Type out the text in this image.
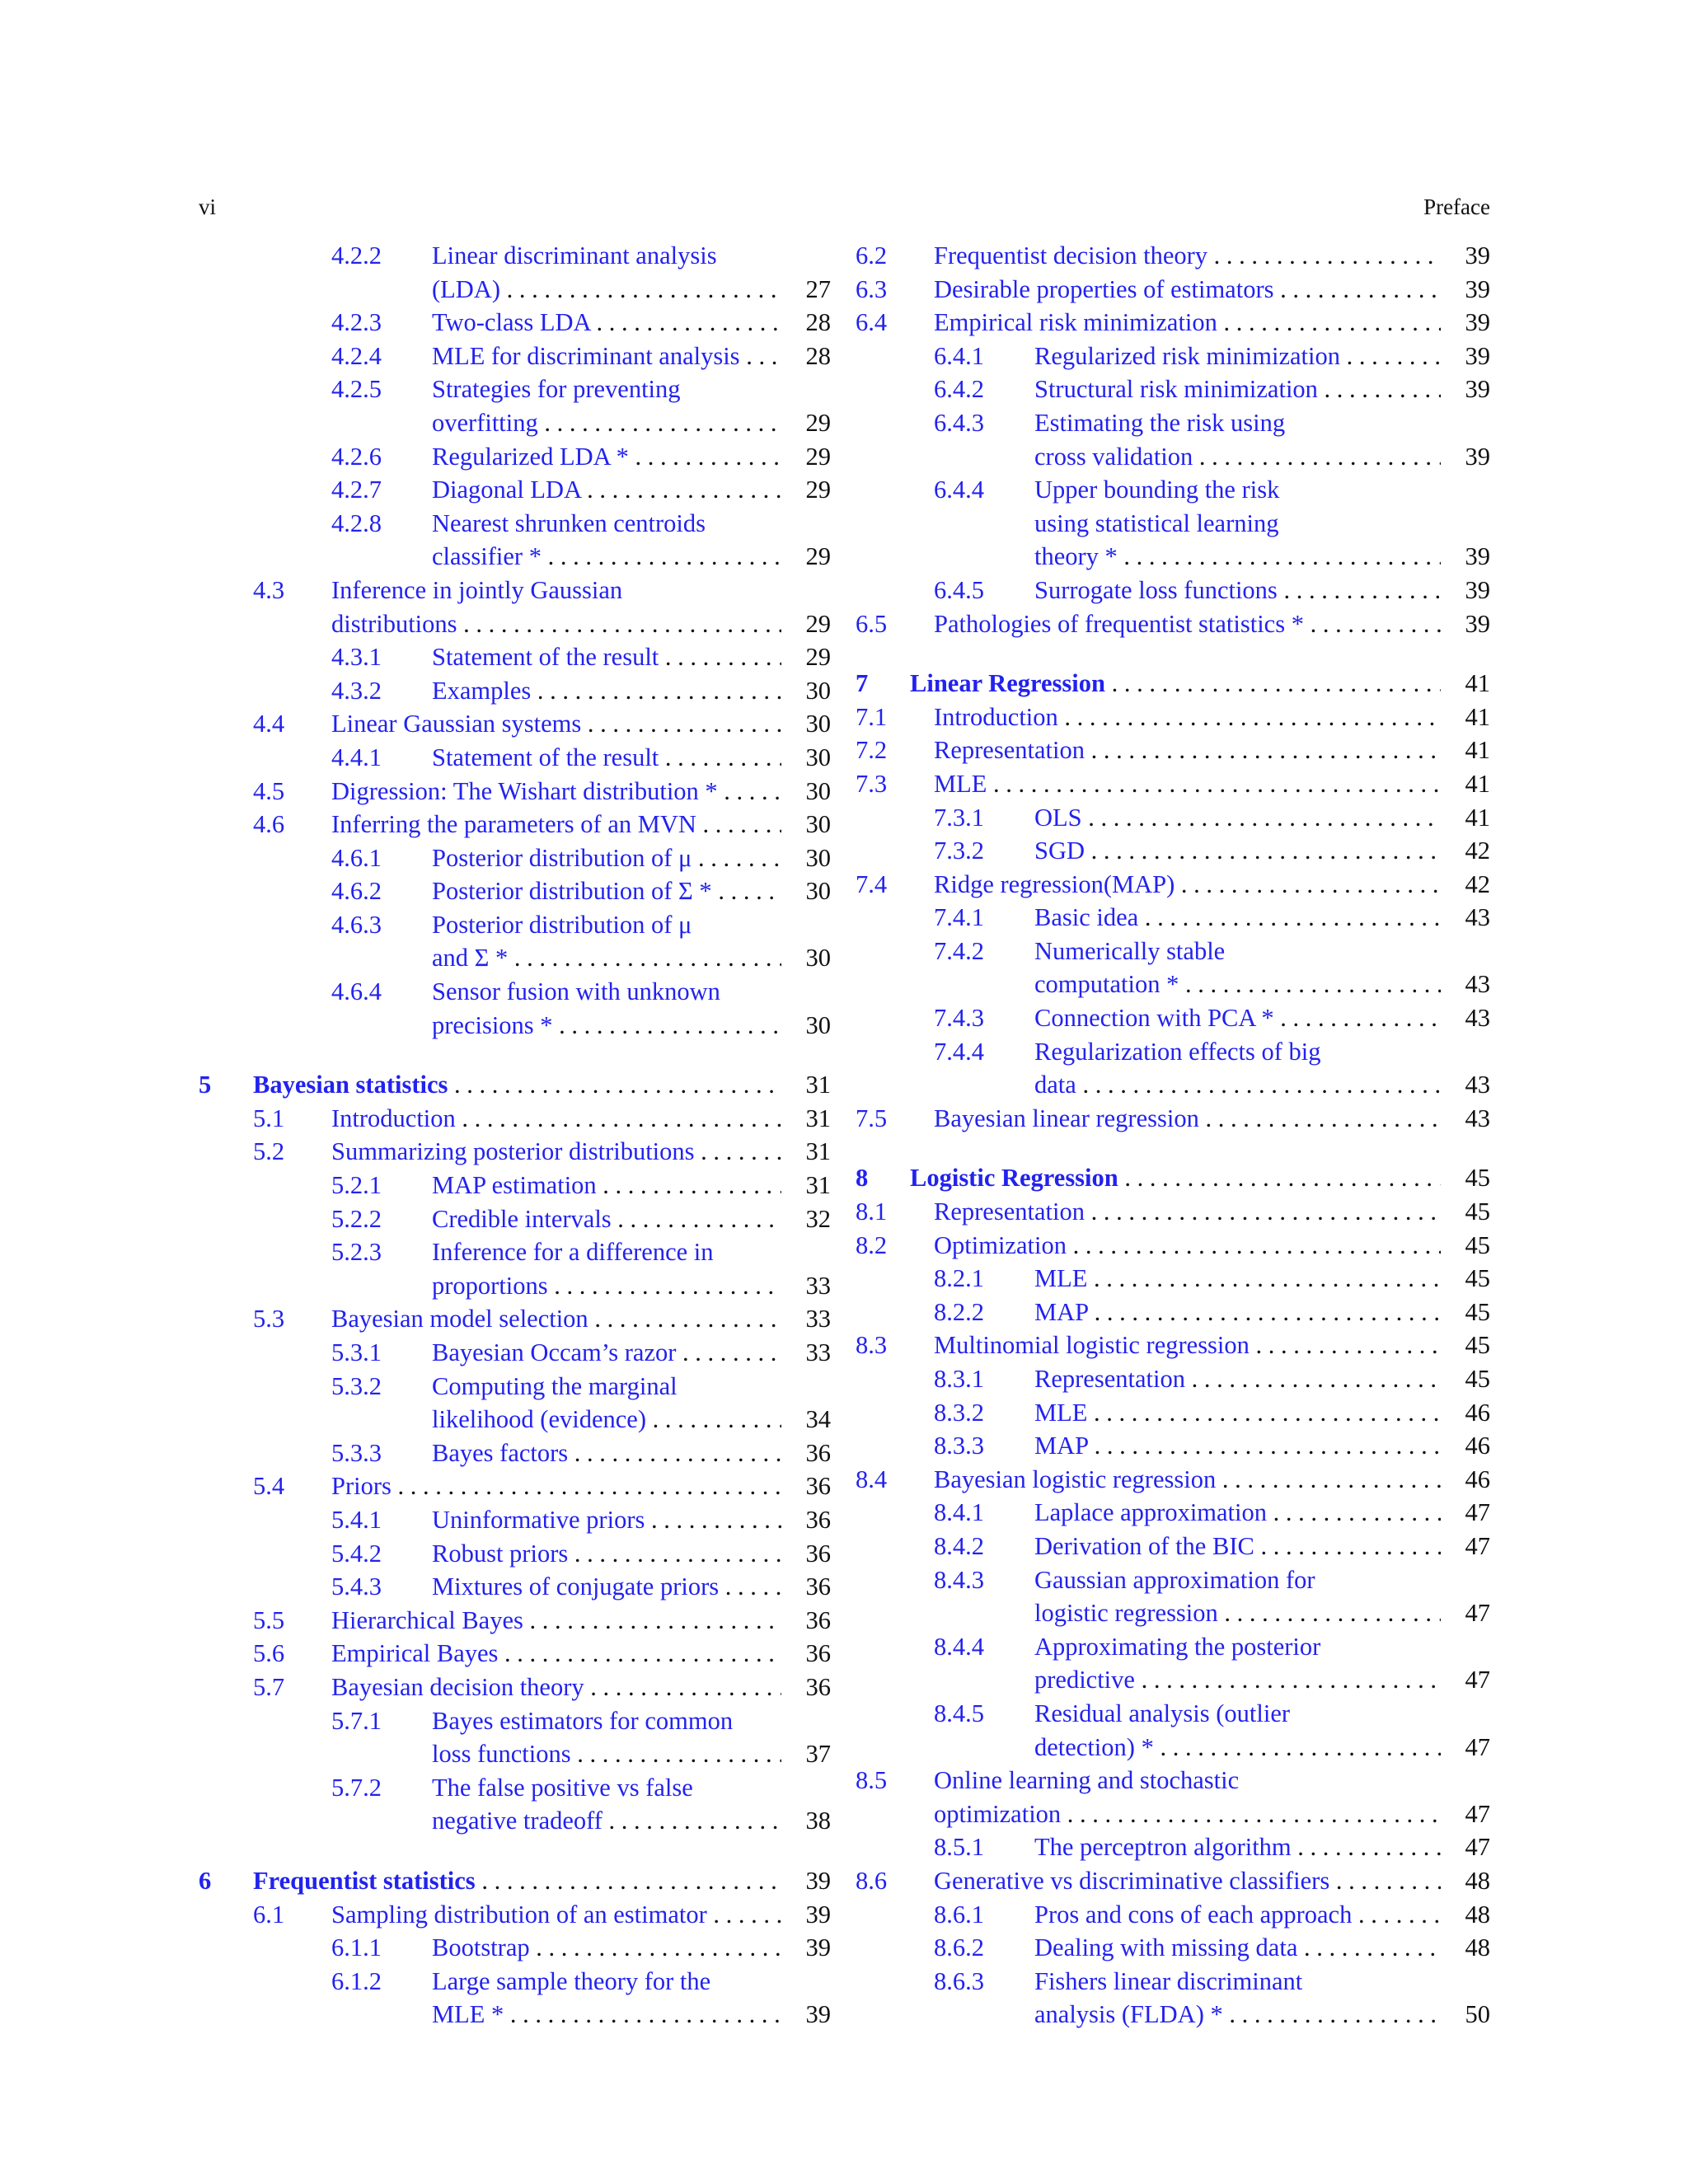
vi	Preface
4.2.2 Linear discriminant analysis
(LDA) . . .	27
4.2.3 Two-class LDA . . .	28
4.2.4 MLE for discriminant analysis . . .	28
4.2.5 Strategies for preventing
overfitting . . .	29
4.2.6 Regularized LDA * . . .	29
4.2.7 Diagonal LDA . . .	29
4.2.8 Nearest shrunken centroids
classifier * . . .	29
4.3 Inference in jointly Gaussian
distributions . . .	29
4.3.1 Statement of the result . . .	29
4.3.2 Examples . . .	30
4.4 Linear Gaussian systems . . .	30
4.4.1 Statement of the result . . .	30
4.5 Digression: The Wishart distribution * . . .	30
4.6 Inferring the parameters of an MVN . . .	30
4.6.1 Posterior distribution of μ . . .	30
4.6.2 Posterior distribution of Σ * . . .	30
4.6.3 Posterior distribution of μ
and Σ * . . .	30
4.6.4 Sensor fusion with unknown
precisions * . . .	30
5 Bayesian statistics . . .	31
5.1 Introduction . . .	31
5.2 Summarizing posterior distributions . . .	31
5.2.1 MAP estimation . . .	31
5.2.2 Credible intervals . . .	32
5.2.3 Inference for a difference in
proportions . . .	33
5.3 Bayesian model selection . . .	33
5.3.1 Bayesian Occam’s razor . . .	33
5.3.2 Computing the marginal
likelihood (evidence) . . .	34
5.3.3 Bayes factors . . .	36
5.4 Priors . . .	36
5.4.1 Uninformative priors . . .	36
5.4.2 Robust priors . . .	36
5.4.3 Mixtures of conjugate priors . . .	36
5.5 Hierarchical Bayes . . .	36
5.6 Empirical Bayes . . .	36
5.7 Bayesian decision theory . . .	36
5.7.1 Bayes estimators for common
loss functions . . .	37
5.7.2 The false positive vs false
negative tradeoff . . .	38
6 Frequentist statistics . . .	39
6.1 Sampling distribution of an estimator . . .	39
6.1.1 Bootstrap . . .	39
6.1.2 Large sample theory for the
MLE * . . .	39
6.2 Frequentist decision theory . . .	39
6.3 Desirable properties of estimators . . .	39
6.4 Empirical risk minimization . . .	39
6.4.1 Regularized risk minimization . . .	39
6.4.2 Structural risk minimization . . .	39
6.4.3 Estimating the risk using
cross validation . . .	39
6.4.4 Upper bounding the risk
using statistical learning
theory * . . .	39
6.4.5 Surrogate loss functions . . .	39
6.5 Pathologies of frequentist statistics * . . .	39
7 Linear Regression . . .	41
7.1 Introduction . . .	41
7.2 Representation . . .	41
7.3 MLE . . .	41
7.3.1 OLS . . .	41
7.3.2 SGD . . .	42
7.4 Ridge regression(MAP) . . .	42
7.4.1 Basic idea . . .	43
7.4.2 Numerically stable
computation * . . .	43
7.4.3 Connection with PCA * . . .	43
7.4.4 Regularization effects of big
data . . .	43
7.5 Bayesian linear regression . . .	43
8 Logistic Regression . . .	45
8.1 Representation . . .	45
8.2 Optimization . . .	45
8.2.1 MLE . . .	45
8.2.2 MAP . . .	45
8.3 Multinomial logistic regression . . .	45
8.3.1 Representation . . .	45
8.3.2 MLE . . .	46
8.3.3 MAP . . .	46
8.4 Bayesian logistic regression . . .	46
8.4.1 Laplace approximation . . .	47
8.4.2 Derivation of the BIC . . .	47
8.4.3 Gaussian approximation for
logistic regression . . .	47
8.4.4 Approximating the posterior
predictive . . .	47
8.4.5 Residual analysis (outlier
detection) * . . .	47
8.5 Online learning and stochastic
optimization . . .	47
8.5.1 The perceptron algorithm . . .	47
8.6 Generative vs discriminative classifiers . . .	48
8.6.1 Pros and cons of each approach . . .	48
8.6.2 Dealing with missing data . . .	48
8.6.3 Fishers linear discriminant
analysis (FLDA) * . . .	50
